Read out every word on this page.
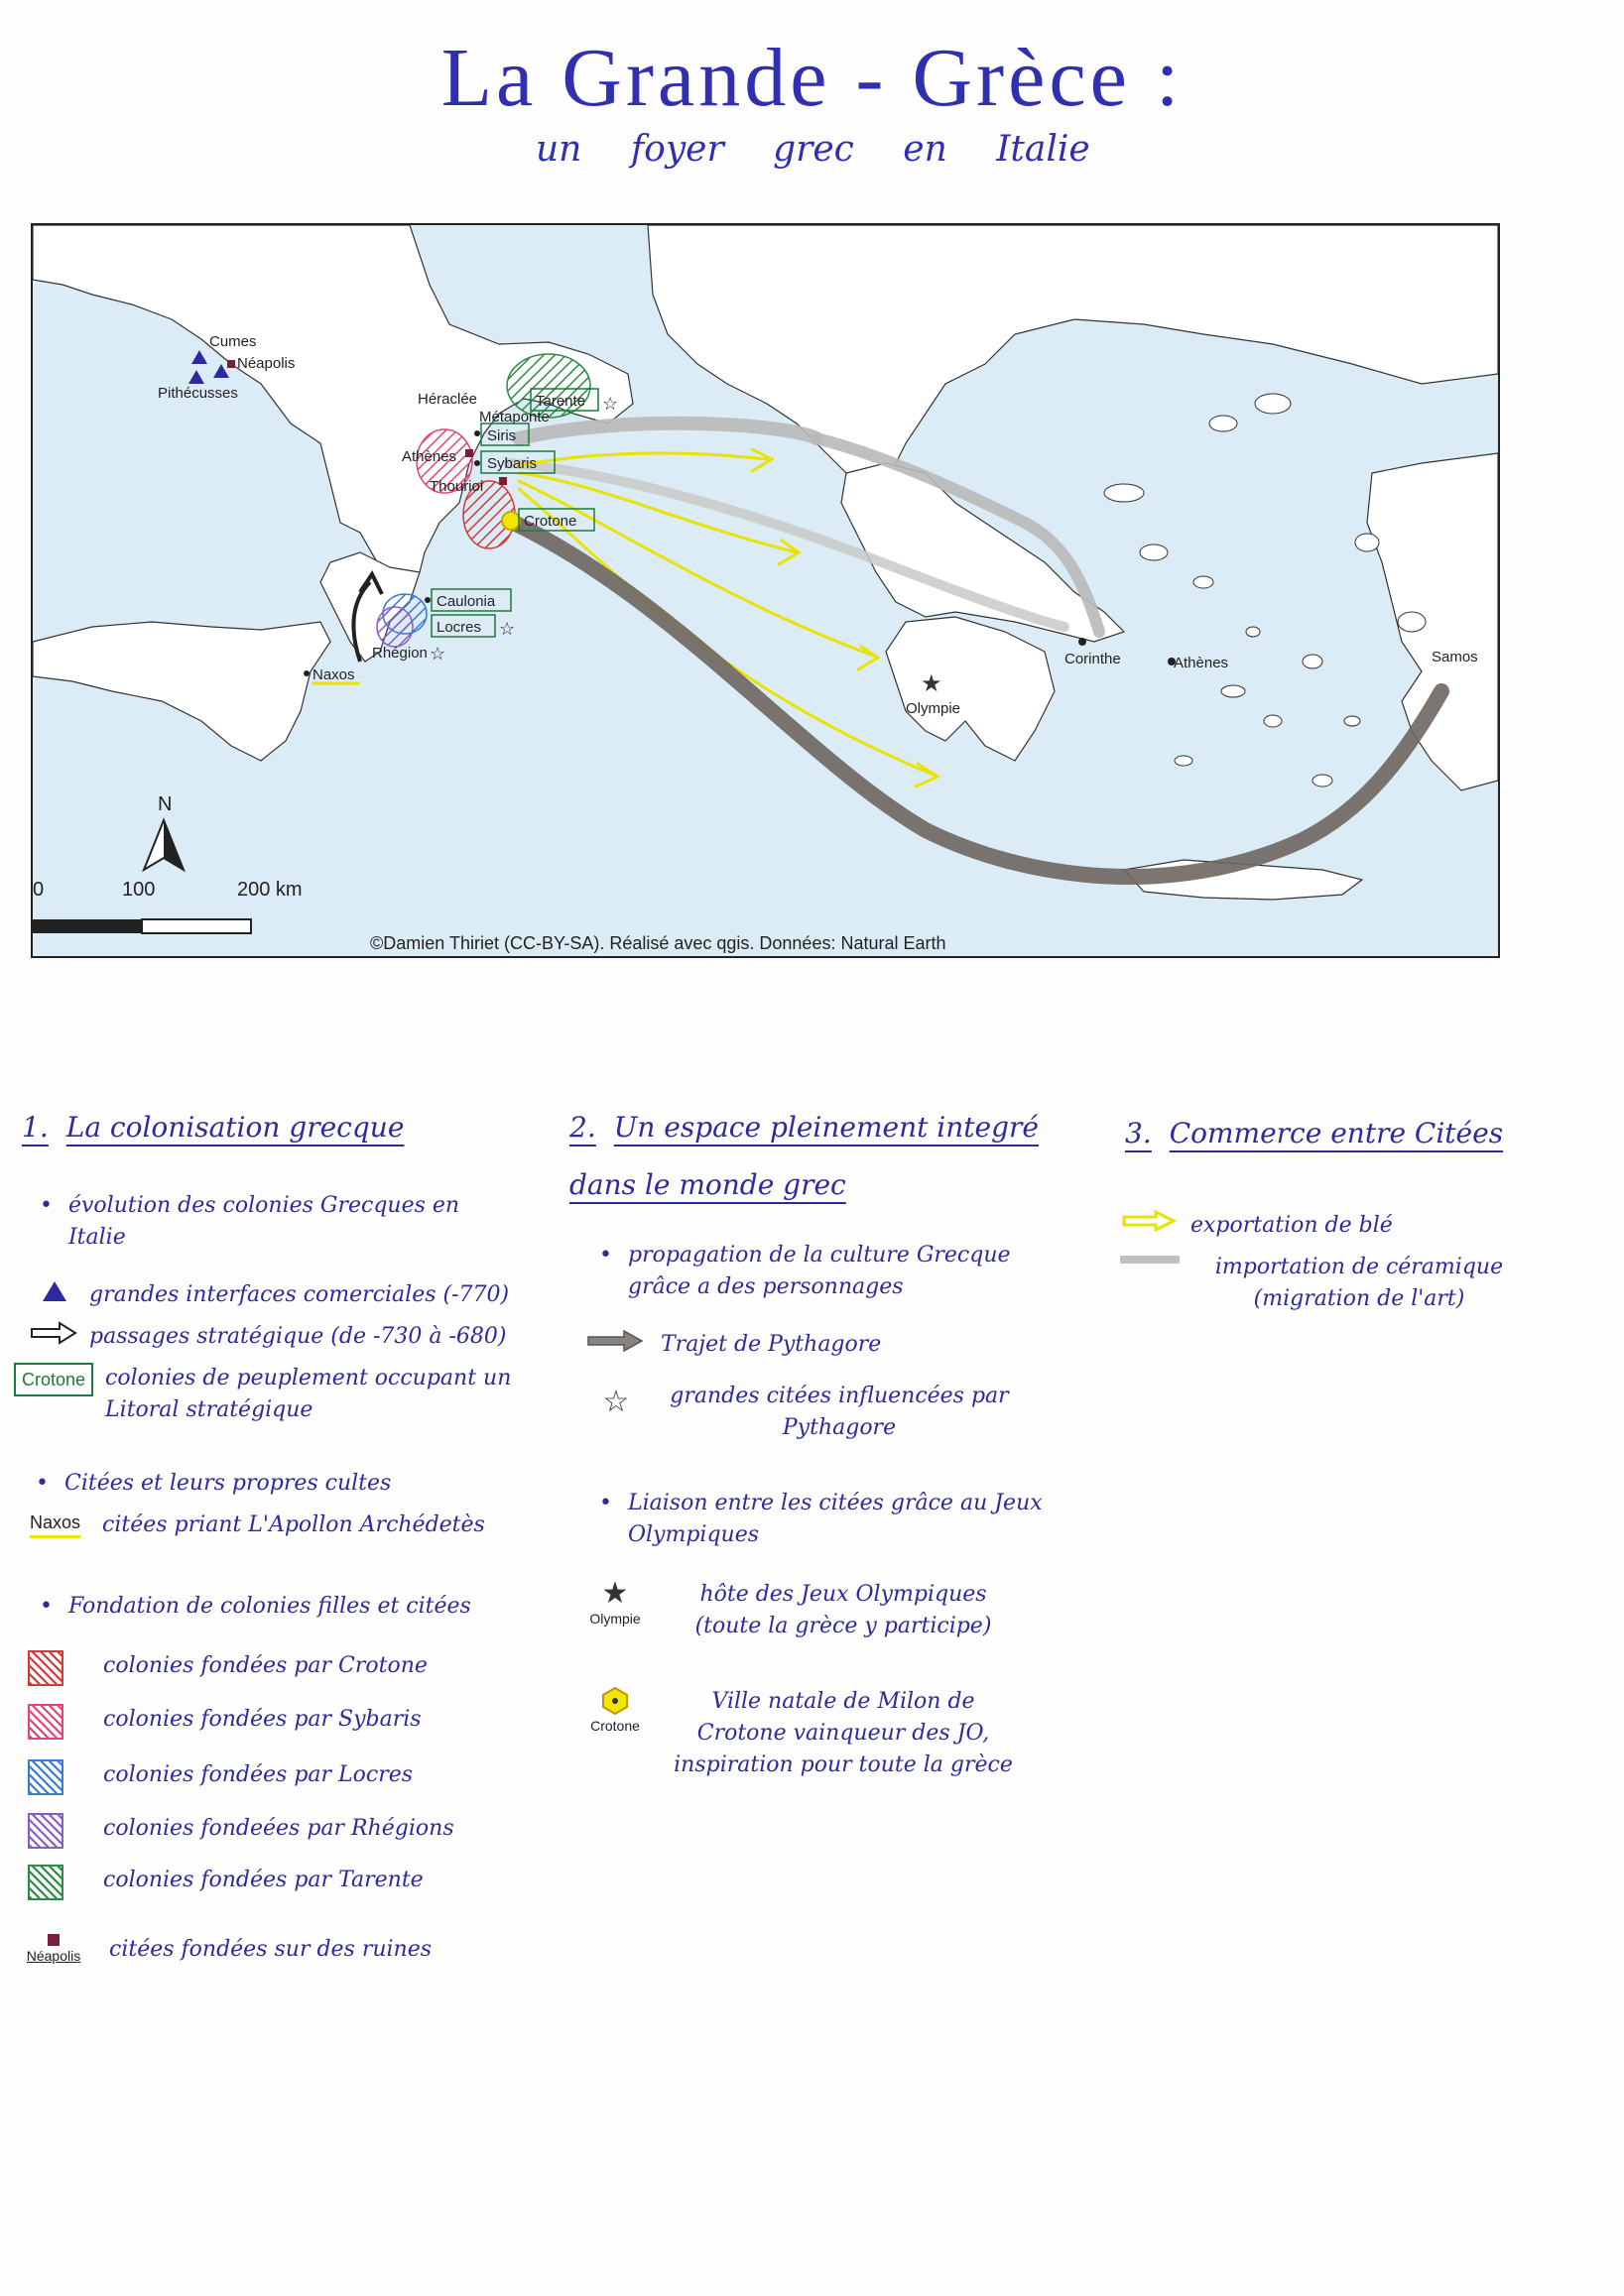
La Grande - Grèce :
un foyer grec en Italie
Cumes
Néapolis
Pithécusses	Héraclée
Métaponte
Tarente ☆
Siris
Athènes Sybaris
Thourioi
Crotone
Caulonia
Locres ☆
Rhégion ☆
Naxos	★
Olympie
Corinthe	Athènes	Samos
N
0	100	200 km
©Damien Thiriet (CC-BY-SA). Réalisé avec qgis. Données: Natural Earth
1. La colonisation grecque
•
évolution des colonies Grecques en Italie
grandes interfaces comerciales (-770)
passages stratégique (de -730 à -680)
Crotone colonies de peuplement occupant un Litoral stratégique
•
Citées et leurs propres cultes
Naxos citées priant L'Apollon Archédetès
•
Fondation de colonies filles et citées
colonies fondées par Crotone
colonies fondées par Sybaris
colonies fondées par Locres
colonies fondeées par Rhégions
colonies fondées par Tarente
Néapolis citées fondées sur des ruines
2. Un espace pleinement integré
dans le monde grec
•
propagation de la culture Grecque grâce a des personnages
Trajet de Pythagore
☆	grandes citées influencées par Pythagore
•
Liaison entre les citées grâce au Jeux Olympiques
★
Olympie
hôte des Jeux Olympiques (toute la grèce y participe)
Crotone
Ville natale de Milon de Crotone vainqueur des JO, inspiration pour toute la grèce
3. Commerce entre Citées
exportation de blé
importation de céramique (migration de l'art)
